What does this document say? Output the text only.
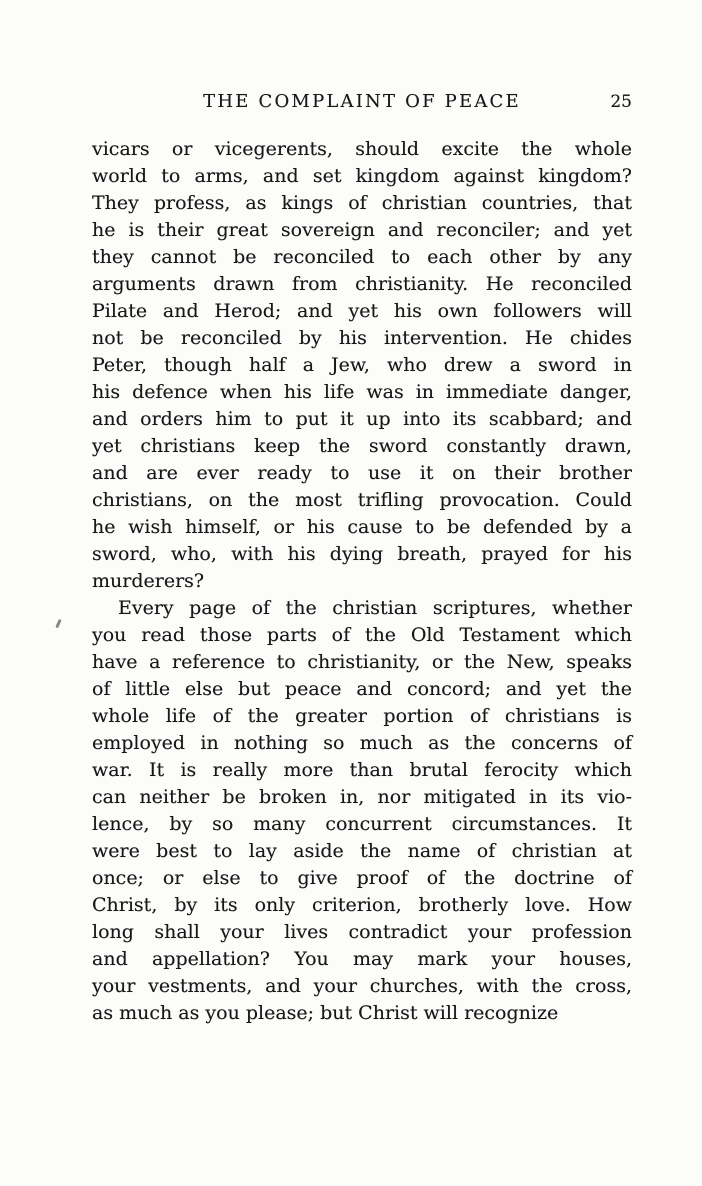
THE COMPLAINT OF PEACE	25
vicars or vicegerents, should excite the whole
world to arms, and set kingdom against kingdom?
They profess, as kings of christian countries, that
he is their great sovereign and reconciler; and yet
they cannot be reconciled to each other by any
arguments drawn from christianity. He reconciled
Pilate and Herod; and yet his own followers will
not be reconciled by his intervention. He chides
Peter, though half a Jew, who drew a sword in
his defence when his life was in immediate danger,
and orders him to put it up into its scabbard; and
yet christians keep the sword constantly drawn,
and are ever ready to use it on their brother
christians, on the most trifling provocation. Could
he wish himself, or his cause to be defended by a
sword, who, with his dying breath, prayed for his
murderers?
Every page of the christian scriptures, whether
you read those parts of the Old Testament which
have a reference to christianity, or the New, speaks
of little else but peace and concord; and yet the
whole life of the greater portion of christians is
employed in nothing so much as the concerns of
war. It is really more than brutal ferocity which
can neither be broken in, nor mitigated in its vio-
lence, by so many concurrent circumstances. It
were best to lay aside the name of christian at
once; or else to give proof of the doctrine of
Christ, by its only criterion, brotherly love. How
long shall your lives contradict your profession
and appellation? You may mark your houses,
your vestments, and your churches, with the cross,
as much as you please; but Christ will recognize
